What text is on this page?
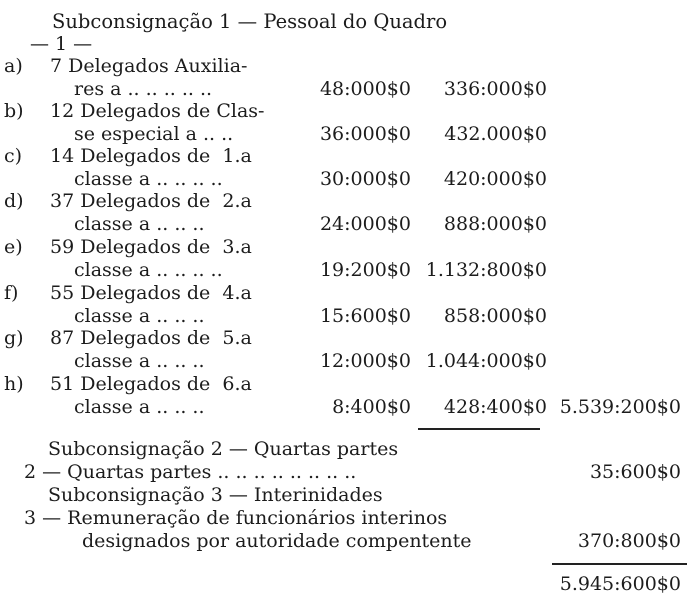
Subconsignação 1 — Pessoal do Quadro
— 1 —
a) 7 Delegados Auxilia-
res a .. .. .. .. ..	48:000$0 336:000$0
b) 12 Delegados de Clas-
se especial a .. ..	36:000$0 432.000$0
c) 14 Delegados de  1.a
classe a .. .. .. ..	30:000$0 420:000$0
d) 37 Delegados de  2.a
classe a .. .. ..	24:000$0 888:000$0
e) 59 Delegados de  3.a
classe a .. .. .. ..	19:200$0 1.132:800$0
f) 55 Delegados de  4.a
classe a .. .. ..	15:600$0 858:000$0
g) 87 Delegados de  5.a
classe a .. .. ..	12:000$0 1.044:000$0
h) 51 Delegados de  6.a
classe a .. .. ..	8:400$0 428:400$0 5.539:200$0
Subconsignação 2 — Quartas partes
2 — Quartas partes .. .. .. .. .. .. .. ..	35:600$0
Subconsignação 3 — Interinidades
3 — Remuneração de funcionários interinos
designados por autoridade compentente	370:800$0
5.945:600$0
